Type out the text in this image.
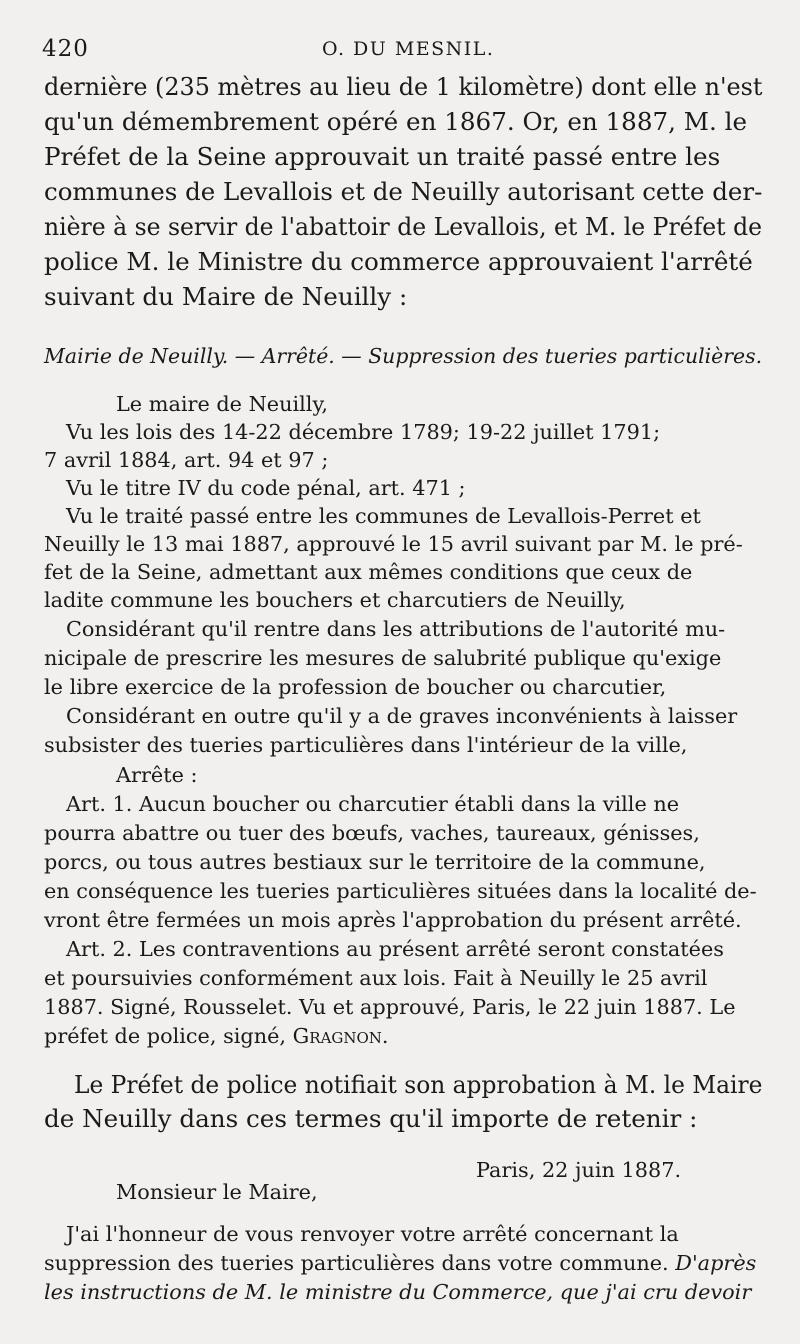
420	O. DU MESNIL.
dernière (235 mètres au lieu de 1 kilomètre) dont elle n'est
qu'un démembrement opéré en 1867. Or, en 1887, M. le
Préfet de la Seine approuvait un traité passé entre les
communes de Levallois et de Neuilly autorisant cette der-
nière à se servir de l'abattoir de Levallois, et M. le Préfet de
police M. le Ministre du commerce approuvaient l'arrêté
suivant du Maire de Neuilly :
Mairie de Neuilly. — Arrêté. — Suppression des tueries particulières.
Le maire de Neuilly,
Vu les lois des 14-22 décembre 1789; 19-22 juillet 1791;
7 avril 1884, art. 94 et 97 ;
Vu le titre IV du code pénal, art. 471 ;
Vu le traité passé entre les communes de Levallois-Perret et
Neuilly le 13 mai 1887, approuvé le 15 avril suivant par M. le pré-
fet de la Seine, admettant aux mêmes conditions que ceux de
ladite commune les bouchers et charcutiers de Neuilly,
Considérant qu'il rentre dans les attributions de l'autorité mu-
nicipale de prescrire les mesures de salubrité publique qu'exige
le libre exercice de la profession de boucher ou charcutier,
Considérant en outre qu'il y a de graves inconvénients à laisser
subsister des tueries particulières dans l'intérieur de la ville,
Arrête :
Art. 1. Aucun boucher ou charcutier établi dans la ville ne
pourra abattre ou tuer des bœufs, vaches, taureaux, génisses,
porcs, ou tous autres bestiaux sur le territoire de la commune,
en conséquence les tueries particulières situées dans la localité de-
vront être fermées un mois après l'approbation du présent arrêté.
Art. 2. Les contraventions au présent arrêté seront constatées
et poursuivies conformément aux lois. Fait à Neuilly le 25 avril
1887. Signé, Rousselet. Vu et approuvé, Paris, le 22 juin 1887. Le
préfet de police, signé, Gragnon.
Le Préfet de police notifiait son approbation à M. le Maire
de Neuilly dans ces termes qu'il importe de retenir :
Paris, 22 juin 1887.
Monsieur le Maire,
J'ai l'honneur de vous renvoyer votre arrêté concernant la
suppression des tueries particulières dans votre commune. D'après
les instructions de M. le ministre du Commerce, que j'ai cru devoir
